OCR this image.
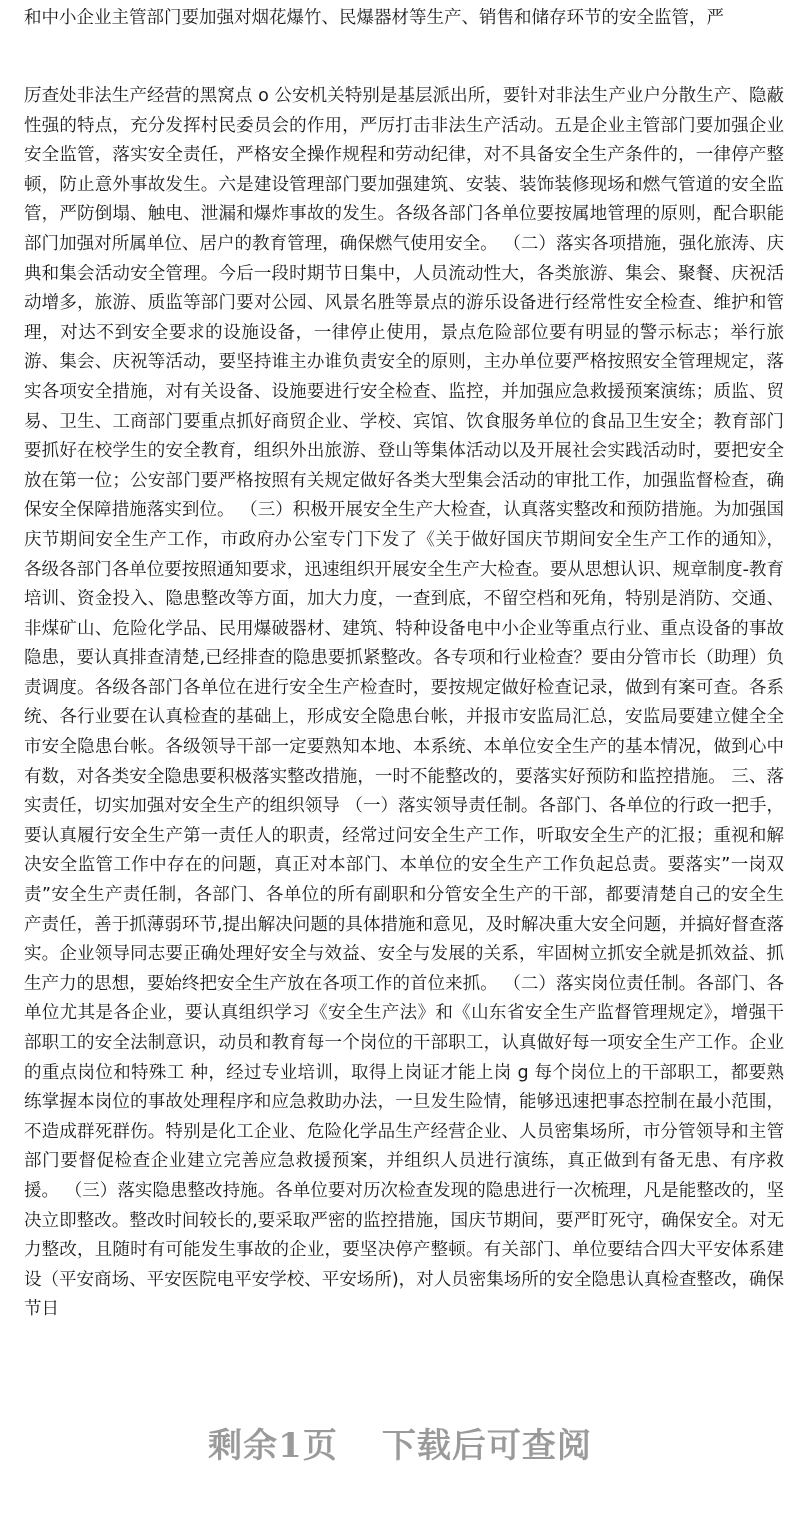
和中小企业主管部门要加强对烟花爆竹、民爆器材等生产、销售和储存环节的安全监管，严

厉查处非法生产经营的黑窝点 o 公安机关特别是基层派出所，要针对非法生产业户分散生产、隐蔽性强的特点，充分发挥村民委员会的作用，严厉打击非法生产活动。五是企业主管部门要加强企业安全监管，落实安全责任，严格安全操作规程和劳动纪律，对不具备安全生产条件的，一律停产整顿，防止意外事故发生。六是建设管理部门要加强建筑、安装、装饰装修现场和燃气管道的安全监管，严防倒塌、触电、泄漏和爆炸事故的发生。各级各部门各单位要按属地管理的原则，配合职能部门加强对所属单位、居户的教育管理，确保燃气使用安全。 （二）落实各项措施，强化旅涛、庆典和集会活动安全管理。今后一段时期节日集中，人员流动性大，各类旅游、集会、聚餐、庆祝活动增多，旅游、质监等部门要对公园、风景名胜等景点的游乐设备进行经常性安全检查、维护和管理，对达不到安全要求的设施设备，一律停止使用，景点危险部位要有明显的警示标志；举行旅游、集会、庆祝等活动，要坚持谁主办谁负责安全的原则，主办单位要严格按照安全管理规定，落实各项安全措施，对有关设备、设施要进行安全检查、监控，并加强应急救援预案演练；质监、贸易、卫生、工商部门要重点抓好商贸企业、学校、宾馆、饮食服务单位的食品卫生安全；教育部门要抓好在校学生的安全教育，组织外出旅游、登山等集体活动以及开展社会实践活动时，要把安全放在第一位；公安部门要严格按照有关规定做好各类大型集会活动的审批工作，加强监督检查，确保安全保障措施落实到位。 （三）积极开展安全生产大检查，认真落实整改和预防措施。为加强国庆节期间安全生产工作，市政府办公室专门下发了《关于做好国庆节期间安全生产工作的通知》，各级各部门各单位要按照通知要求，迅速组织开展安全生产大检查。要从思想认识、规章制度-教育培训、资金投入、隐患整改等方面，加大力度，一查到底，不留空档和死角，特别是消防、交通、非煤矿山、危险化学品、民用爆破器材、建筑、特种设备电中小企业等重点行业、重点设备的事故隐患，要认真排查清楚,已经排查的隐患要抓紧整改。各专项和行业检查？要由分管市长（助理）负责调度。各级各部门各单位在进行安全生产检查时，要按规定做好检查记录，做到有案可查。各系统、各行业要在认真检查的基础上，形成安全隐患台帐，并报市安监局汇总，安监局要建立健全全市安全隐患台帐。各级领导干部一定要熟知本地、本系统、本单位安全生产的基本情况，做到心中有数，对各类安全隐患要积极落实整改措施，一时不能整改的，要落实好预防和监控措施。 三、落实责任，切实加强对安全生产的组织领导 （一）落实领导责任制。各部门、各单位的行政一把手，要认真履行安全生产第一责任人的职责，经常过问安全生产工作，听取安全生产的汇报；重视和解决安全监管工作中存在的问题，真正对本部门、本单位的安全生产工作负起总责。要落实”一岗双责”安全生产责任制，各部门、各单位的所有副职和分管安全生产的干部，都要清楚自己的安全生产责任，善于抓薄弱环节,提出解决问题的具体措施和意见，及时解决重大安全问题，并搞好督查落实。企业领导同志要正确处理好安全与效益、安全与发展的关系，牢固树立抓安全就是抓效益、抓生产力的思想，要始终把安全生产放在各项工作的首位来抓。 （二）落实岗位责任制。各部门、各单位尤其是各企业，要认真组织学习《安全生产法》和《山东省安全生产监督管理规定》，增强干部职工的安全法制意识，动员和教育每一个岗位的干部职工，认真做好每一项安全生产工作。企业的重点岗位和特殊工 种，经过专业培训，取得上岗证才能上岗 g 每个岗位上的干部职工，都要熟练掌握本岗位的事故处理程序和应急救助办法，一旦发生险情，能够迅速把事态控制在最小范围，不造成群死群伤。特别是化工企业、危险化学品生产经营企业、人员密集场所，市分管领导和主管部门要督促检查企业建立完善应急救援预案，并组织人员进行演练，真正做到有备无患、有序救援。 （三）落实隐患整改持施。各单位要对历次检查发现的隐患进行一次梳理，凡是能整改的，坚决立即整改。整改时间较长的,要采取严密的监控措施，国庆节期间，要严盯死守，确保安全。对无力整改，且随时有可能发生事故的企业，要坚决停产整顿。有关部门、单位要结合四大平安体系建设（平安商场、平安医院电平安学校、平安场所)，对人员密集场所的安全隐患认真检查整改，确保节日

剩余1页 下载后可查阅
